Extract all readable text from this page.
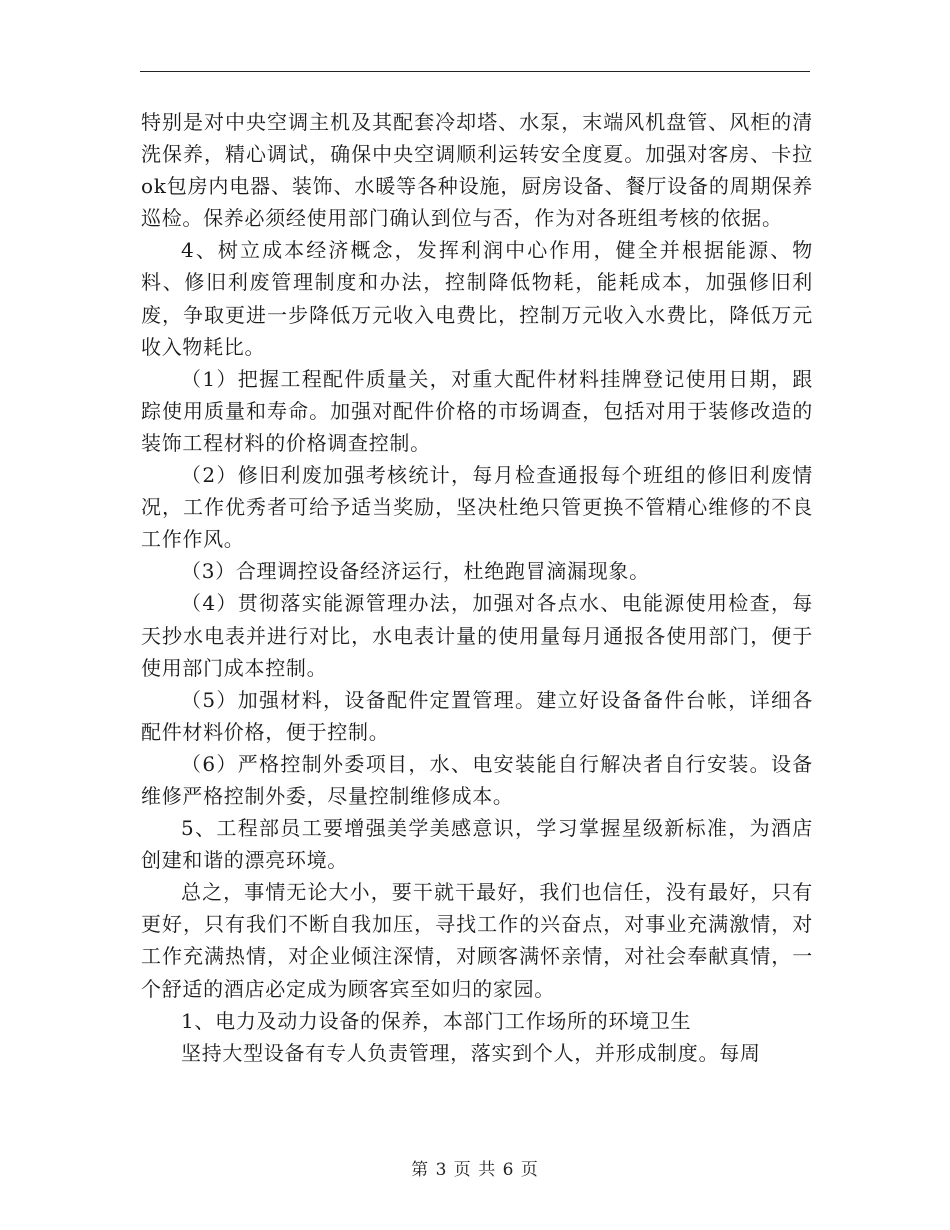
特别是对中央空调主机及其配套冷却塔、水泵，末端风机盘管、风柜的清洗保养，精心调试，确保中央空调顺利运转安全度夏。加强对客房、卡拉ok包房内电器、装饰、水暖等各种设施，厨房设备、餐厅设备的周期保养巡检。保养必须经使用部门确认到位与否，作为对各班组考核的依据。

4、树立成本经济概念，发挥利润中心作用，健全并根据能源、物料、修旧利废管理制度和办法，控制降低物耗，能耗成本，加强修旧利废，争取更进一步降低万元收入电费比，控制万元收入水费比，降低万元收入物耗比。

（1）把握工程配件质量关，对重大配件材料挂牌登记使用日期，跟踪使用质量和寿命。加强对配件价格的市场调查，包括对用于装修改造的装饰工程材料的价格调查控制。

（2）修旧利废加强考核统计，每月检查通报每个班组的修旧利废情况，工作优秀者可给予适当奖励，坚决杜绝只管更换不管精心维修的不良工作作风。

（3）合理调控设备经济运行，杜绝跑冒滴漏现象。

（4）贯彻落实能源管理办法，加强对各点水、电能源使用检查，每天抄水电表并进行对比，水电表计量的使用量每月通报各使用部门，便于使用部门成本控制。

（5）加强材料，设备配件定置管理。建立好设备备件台帐，详细各配件材料价格，便于控制。

（6）严格控制外委项目，水、电安装能自行解决者自行安装。设备维修严格控制外委，尽量控制维修成本。

5、工程部员工要增强美学美感意识，学习掌握星级新标准，为酒店创建和谐的漂亮环境。

总之，事情无论大小，要干就干最好，我们也信任，没有最好，只有更好，只有我们不断自我加压，寻找工作的兴奋点，对事业充满激情，对工作充满热情，对企业倾注深情，对顾客满怀亲情，对社会奉献真情，一个舒适的酒店必定成为顾客宾至如归的家园。

1、电力及动力设备的保养，本部门工作场所的环境卫生

坚持大型设备有专人负责管理，落实到个人，并形成制度。每周

第 3 页 共 6 页
